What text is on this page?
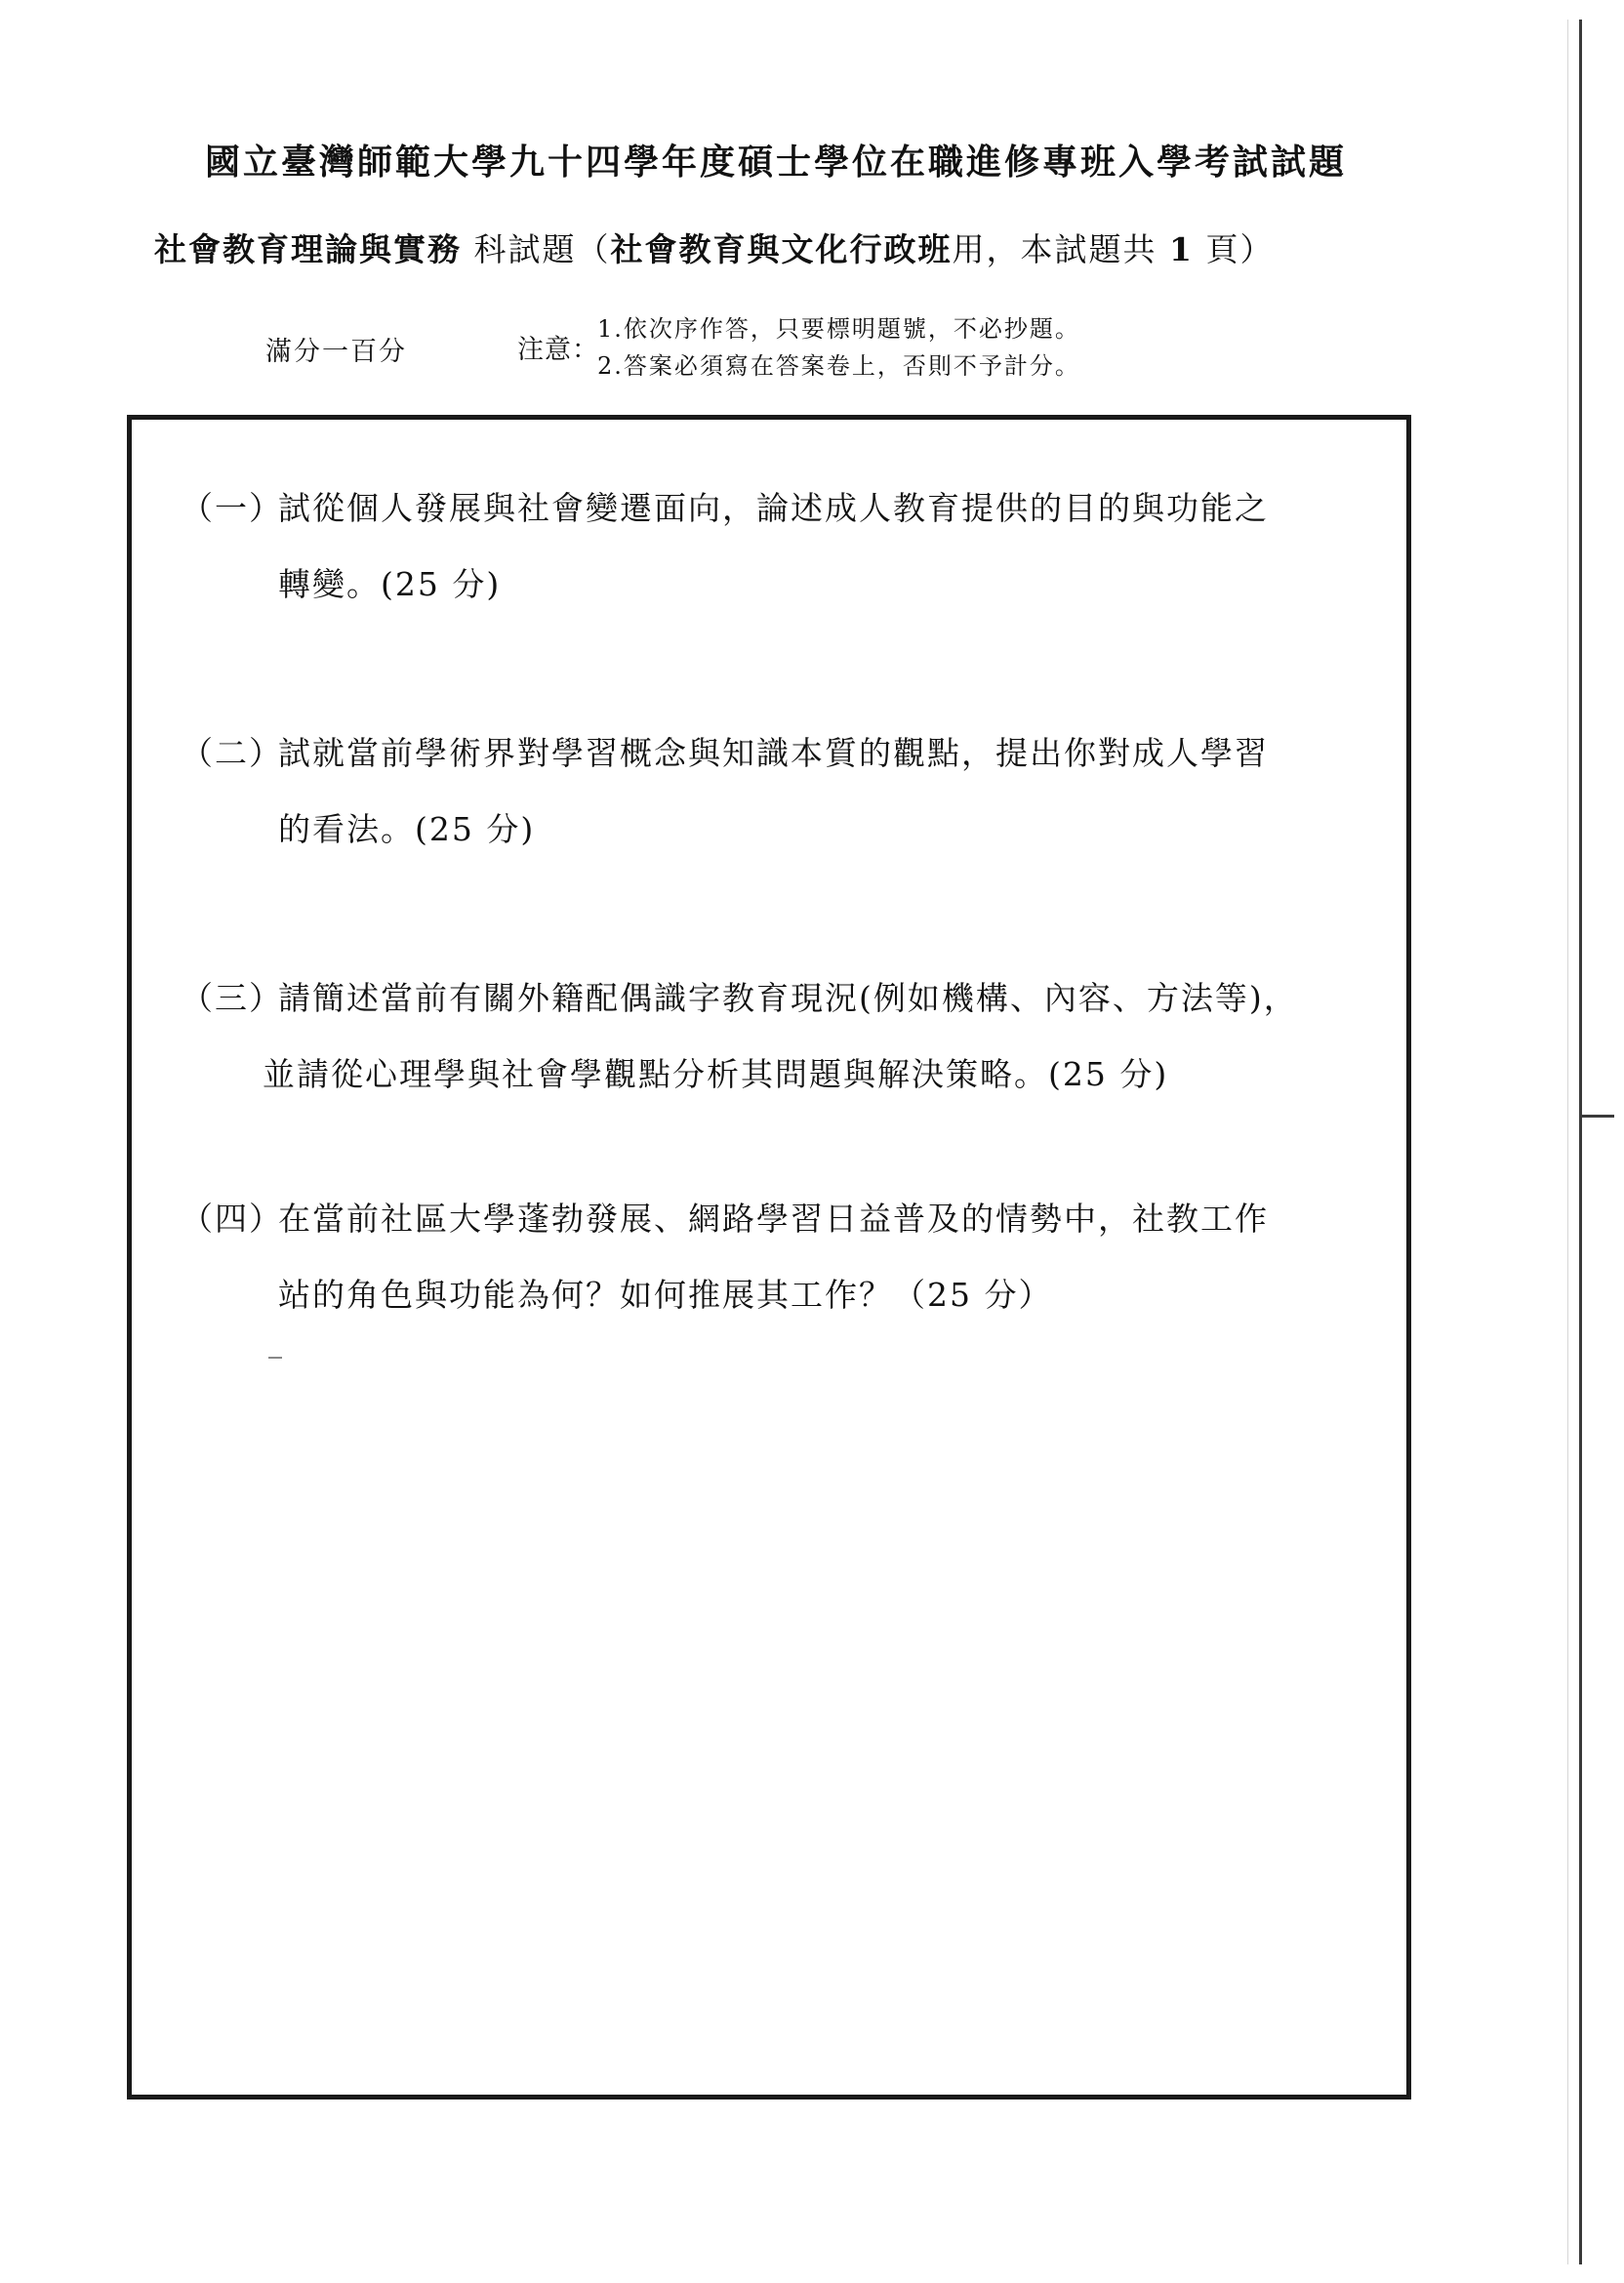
國立臺灣師範大學九十四學年度碩士學位在職進修專班入學考試試題
社會教育理論與實務 科試題（社會教育與文化行政班用，本試題共 1 頁）
滿分一百分	注意：
1.依次序作答，只要標明題號，不必抄題。
2.答案必須寫在答案卷上，否則不予計分。
（一）試從個人發展與社會變遷面向，論述成人教育提供的目的與功能之
轉變。(25 分)
（二）試就當前學術界對學習概念與知識本質的觀點，提出你對成人學習
的看法。(25 分)
（三）請簡述當前有關外籍配偶識字教育現況(例如機構、內容、方法等)，
並請從心理學與社會學觀點分析其問題與解決策略。(25 分)
（四）在當前社區大學蓬勃發展、網路學習日益普及的情勢中，社教工作
站的角色與功能為何？如何推展其工作？（25 分）
